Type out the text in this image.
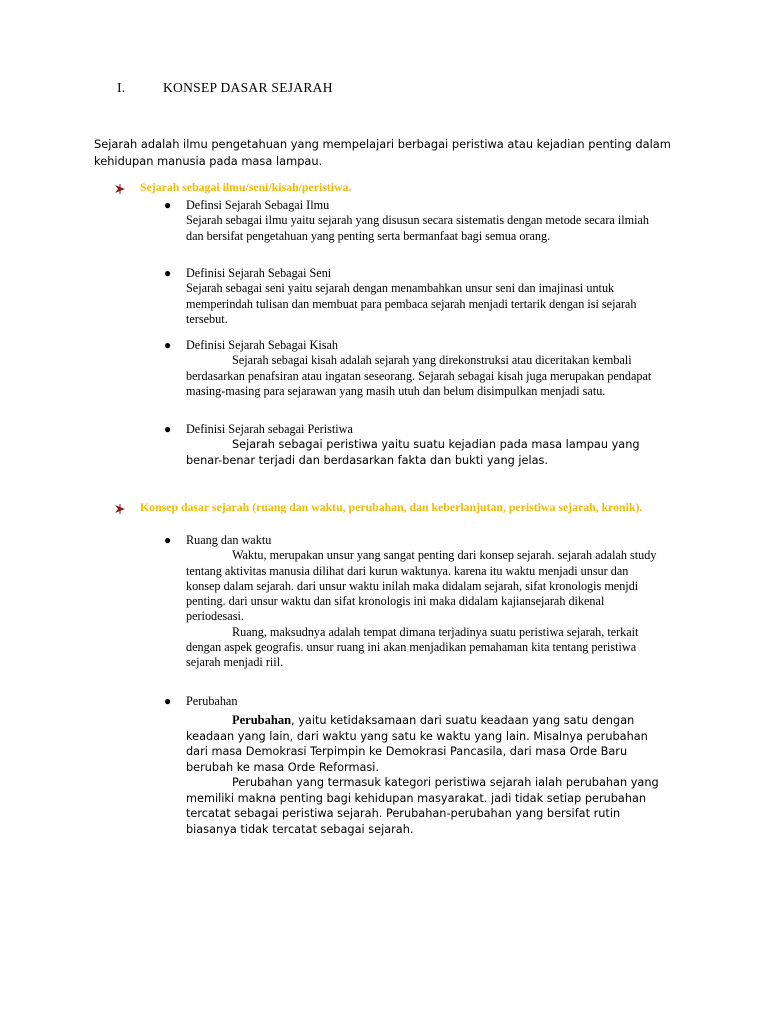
I.	KONSEP DASAR SEJARAH
Sejarah adalah ilmu pengetahuan yang mempelajari berbagai peristiwa atau kejadian penting dalam kehidupan manusia pada masa lampau.
Sejarah sebagai ilmu/seni/kisah/peristiwa.
● Definsi Sejarah Sebagai Ilmu
Sejarah sebagai ilmu yaitu sejarah yang disusun secara sistematis dengan metode secara ilmiah dan bersifat pengetahuan yang penting serta bermanfaat bagi semua orang.
● Definisi Sejarah Sebagai Seni
Sejarah sebagai seni yaitu sejarah dengan menambahkan unsur seni dan imajinasi untuk memperindah tulisan dan membuat para pembaca sejarah menjadi tertarik dengan isi sejarah tersebut.
● Definisi Sejarah Sebagai Kisah
Sejarah sebagai kisah adalah sejarah yang direkonstruksi atau diceritakan kembali berdasarkan penafsiran atau ingatan seseorang. Sejarah sebagai kisah juga merupakan pendapat masing-masing para sejarawan yang masih utuh dan belum disimpulkan menjadi satu.
● Definisi Sejarah sebagai Peristiwa
Sejarah sebagai peristiwa yaitu suatu kejadian pada masa lampau yang benar-benar terjadi dan berdasarkan fakta dan bukti yang jelas.
Konsep dasar sejarah (ruang dan waktu, perubahan, dan keberlanjutan, peristiwa sejarah, kronik).
● Ruang dan waktu
Waktu, merupakan unsur yang sangat penting dari konsep sejarah. sejarah adalah study tentang aktivitas manusia dilihat dari kurun waktunya. karena itu waktu menjadi unsur dan konsep dalam sejarah. dari unsur waktu inilah maka didalam sejarah, sifat kronologis menjdi penting. dari unsur waktu dan sifat kronologis ini maka didalam kajiansejarah dikenal periodesasi.
Ruang, maksudnya adalah tempat dimana terjadinya suatu peristiwa sejarah, terkait dengan aspek geografis. unsur ruang ini akan menjadikan pemahaman kita tentang peristiwa sejarah menjadi riil.
● Perubahan
Perubahan, yaitu ketidaksamaan dari suatu keadaan yang satu dengan keadaan yang lain, dari waktu yang satu ke waktu yang lain. Misalnya perubahan dari masa Demokrasi Terpimpin ke Demokrasi Pancasila, dari masa Orde Baru berubah ke masa Orde Reformasi.
Perubahan yang termasuk kategori peristiwa sejarah ialah perubahan yang memiliki makna penting bagi kehidupan masyarakat. jadi tidak setiap perubahan tercatat sebagai peristiwa sejarah. Perubahan-perubahan yang bersifat rutin biasanya tidak tercatat sebagai sejarah.
